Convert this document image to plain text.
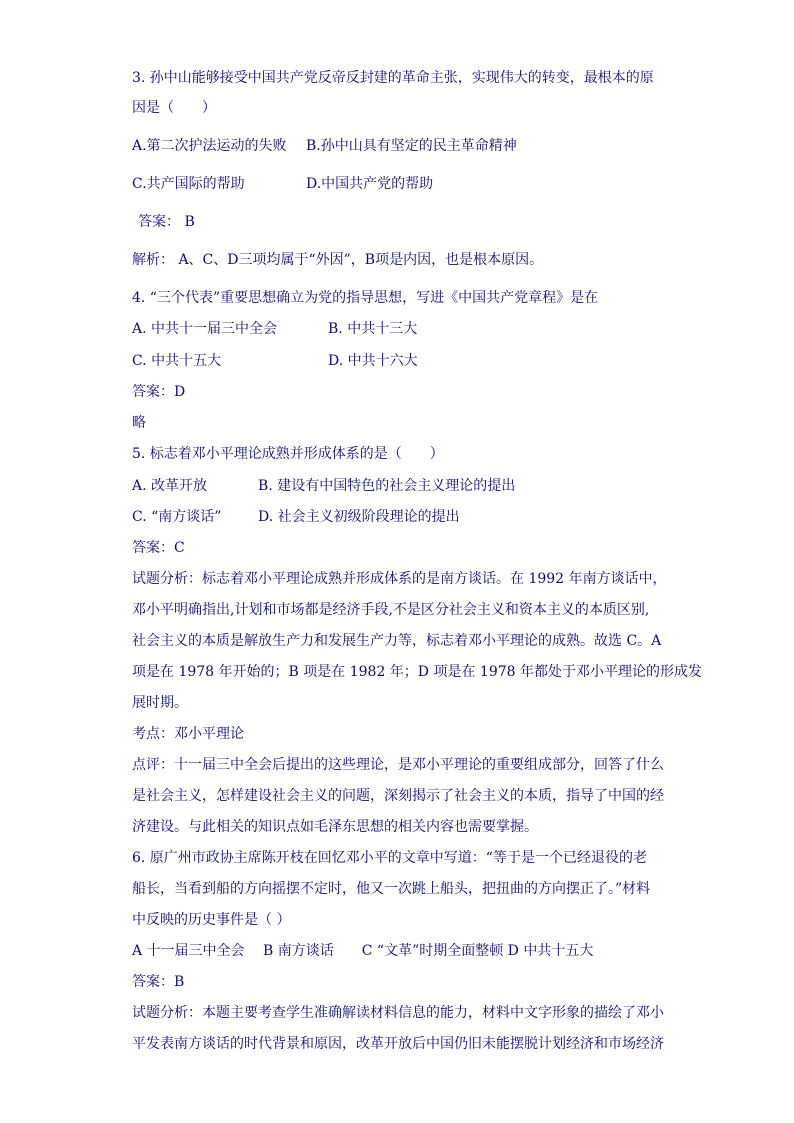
3. 孙中山能够接受中国共产党反帝反封建的革命主张，实现伟大的转变，最根本的原
因是（　　）
A.第二次护法运动的失败 B.孙中山具有坚定的民主革命精神
C.共产国际的帮助	D.中国共产党的帮助
答案： B
解析： A、C、D三项均属于“外因”，B项是内因，也是根本原因。
4. “三个代表”重要思想确立为党的指导思想，写进《中国共产党章程》是在
A. 中共十一届三中全会	B. 中共十三大
C. 中共十五大	D. 中共十六大
答案：D
略
5. 标志着邓小平理论成熟并形成体系的是（　　）
A. 改革开放	B. 建设有中国特色的社会主义理论的提出
C. “南方谈话”	D. 社会主义初级阶段理论的提出
答案：C
试题分析：标志着邓小平理论成熟并形成体系的是南方谈话。在 1992 年南方谈话中，
邓小平明确指出,计划和市场都是经济手段,不是区分社会主义和资本主义的本质区别,
社会主义的本质是解放生产力和发展生产力等，标志着邓小平理论的成熟。故选 C。A
项是在 1978 年开始的；B 项是在 1982 年；D 项是在 1978 年都处于邓小平理论的形成发
展时期。
考点：邓小平理论
点评：十一届三中全会后提出的这些理论，是邓小平理论的重要组成部分，回答了什么
是社会主义，怎样建设社会主义的问题，深刻揭示了社会主义的本质，指导了中国的经
济建设。与此相关的知识点如毛泽东思想的相关内容也需要掌握。
6. 原广州市政协主席陈开枝在回忆邓小平的文章中写道：“等于是一个已经退役的老
船长，当看到船的方向摇摆不定时，他又一次跳上船头，把扭曲的方向摆正了。”材料
中反映的历史事件是（ ）
A 十一届三中全会　 B 南方谈话　　C “文革”时期全面整顿 D 中共十五大
答案：B
试题分析：本题主要考查学生准确解读材料信息的能力，材料中文字形象的描绘了邓小
平发表南方谈话的时代背景和原因，改革开放后中国仍旧未能摆脱计划经济和市场经济
